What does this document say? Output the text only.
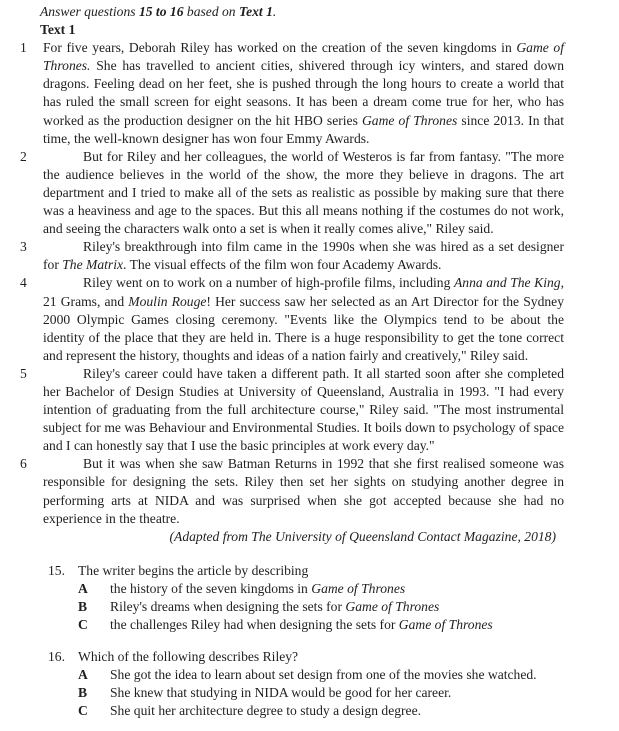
Answer questions 15 to 16 based on Text 1.
Text 1
1 For five years, Deborah Riley has worked on the creation of the seven kingdoms in Game of Thrones. She has travelled to ancient cities, shivered through icy winters, and stared down dragons. Feeling dead on her feet, she is pushed through the long hours to create a world that has ruled the small screen for eight seasons. It has been a dream come true for her, who has worked as the production designer on the hit HBO series Game of Thrones since 2013. In that time, the well-known designer has won four Emmy Awards.
2	But for Riley and her colleagues, the world of Westeros is far from fantasy. "The more the audience believes in the world of the show, the more they believe in dragons. The art department and I tried to make all of the sets as realistic as possible by making sure that there was a heaviness and age to the spaces. But this all means nothing if the costumes do not work, and seeing the characters walk onto a set is when it really comes alive," Riley said.
3	Riley's breakthrough into film came in the 1990s when she was hired as a set designer for The Matrix. The visual effects of the film won four Academy Awards.
4	Riley went on to work on a number of high-profile films, including Anna and The King, 21 Grams, and Moulin Rouge! Her success saw her selected as an Art Director for the Sydney 2000 Olympic Games closing ceremony. "Events like the Olympics tend to be about the identity of the place that they are held in. There is a huge responsibility to get the tone correct and represent the history, thoughts and ideas of a nation fairly and creatively," Riley said.
5	Riley's career could have taken a different path. It all started soon after she completed her Bachelor of Design Studies at University of Queensland, Australia in 1993. "I had every intention of graduating from the full architecture course," Riley said. "The most instrumental subject for me was Behaviour and Environmental Studies. It boils down to psychology of space and I can honestly say that I use the basic principles at work every day."
6	But it was when she saw Batman Returns in 1992 that she first realised someone was responsible for designing the sets. Riley then set her sights on studying another degree in performing arts at NIDA and was surprised when she got accepted because she had no experience in the theatre.
(Adapted from The University of Queensland Contact Magazine, 2018)
15. The writer begins the article by describing
A	the history of the seven kingdoms in Game of Thrones
B	Riley's dreams when designing the sets for Game of Thrones
C	the challenges Riley had when designing the sets for Game of Thrones
16. Which of the following describes Riley?
A	She got the idea to learn about set design from one of the movies she watched.
B	She knew that studying in NIDA would be good for her career.
C	She quit her architecture degree to study a design degree.
